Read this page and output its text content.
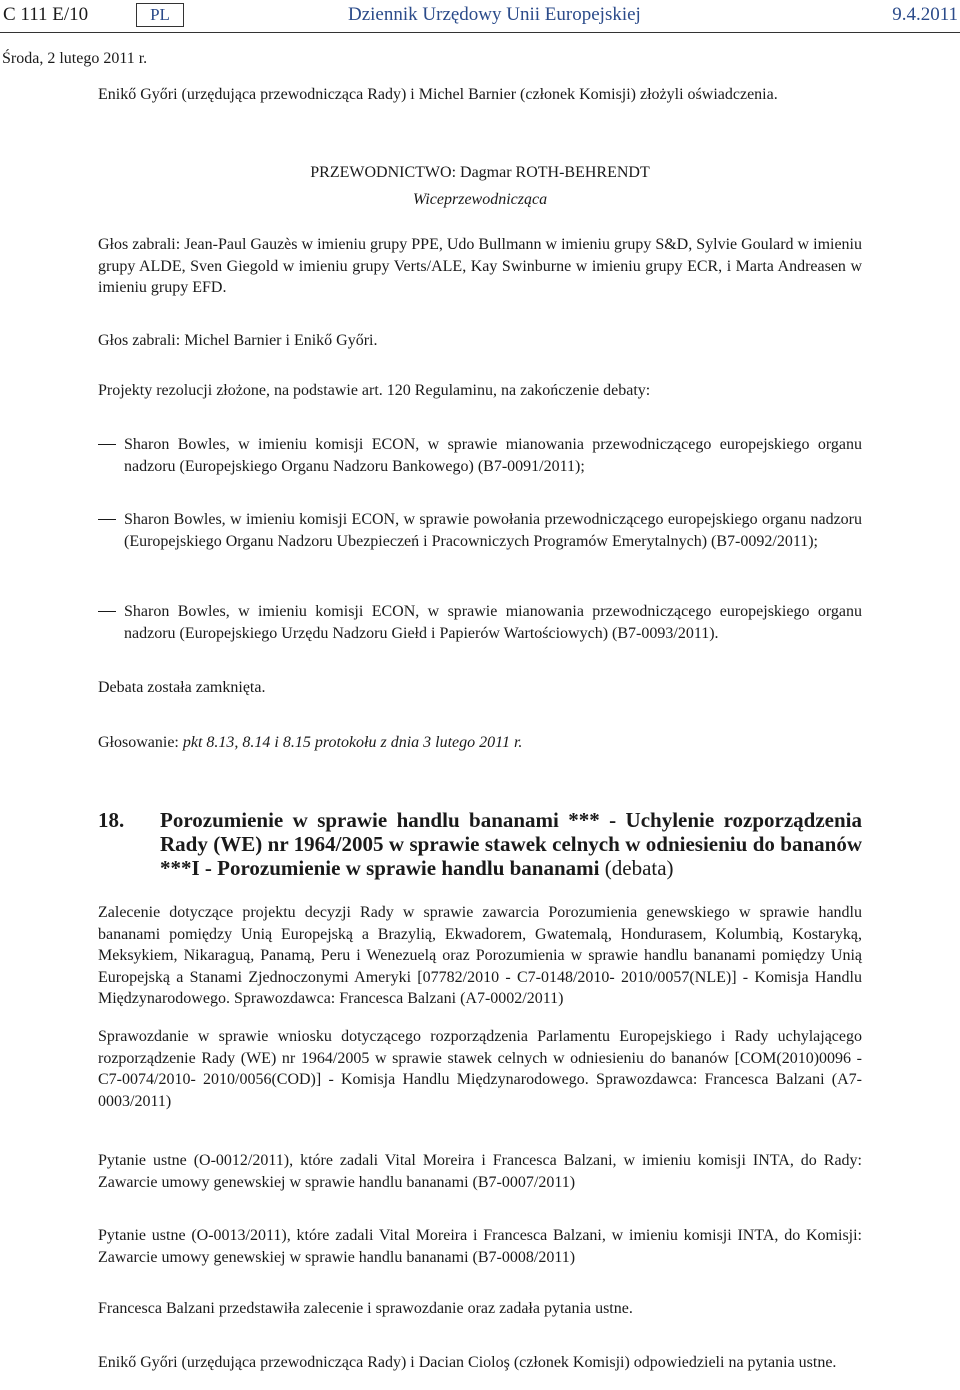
C 111 E/10	PL	Dziennik Urzędowy Unii Europejskiej	9.4.2011
Środa, 2 lutego 2011 r.
Enikő Győri (urzędująca przewodnicząca Rady) i Michel Barnier (członek Komisji) złożyli oświadczenia.
PRZEWODNICTWO: Dagmar ROTH-BEHRENDT
Wiceprzewodnicząca
Głos zabrali: Jean-Paul Gauzès w imieniu grupy PPE, Udo Bullmann w imieniu grupy S&D, Sylvie Goulard w imieniu grupy ALDE, Sven Giegold w imieniu grupy Verts/ALE, Kay Swinburne w imieniu grupy ECR, i Marta Andreasen w imieniu grupy EFD.
Głos zabrali: Michel Barnier i Enikő Győri.
Projekty rezolucji złożone, na podstawie art. 120 Regulaminu, na zakończenie debaty:
Sharon Bowles, w imieniu komisji ECON, w sprawie mianowania przewodniczącego europejskiego organu nadzoru (Europejskiego Organu Nadzoru Bankowego) (B7-0091/2011);
Sharon Bowles, w imieniu komisji ECON, w sprawie powołania przewodniczącego europejskiego organu nadzoru (Europejskiego Organu Nadzoru Ubezpieczeń i Pracowniczych Programów Emerytalnych) (B7-0092/2011);
Sharon Bowles, w imieniu komisji ECON, w sprawie mianowania przewodniczącego europejskiego organu nadzoru (Europejskiego Urzędu Nadzoru Giełd i Papierów Wartościowych) (B7-0093/2011).
Debata została zamknięta.
Głosowanie: pkt 8.13, 8.14 i 8.15 protokołu z dnia 3 lutego 2011 r.
18. Porozumienie w sprawie handlu bananami *** - Uchylenie rozporządzenia Rady (WE) nr 1964/2005 w sprawie stawek celnych w odniesieniu do bananów ***I - Porozumienie w sprawie handlu bananami (debata)
Zalecenie dotyczące projektu decyzji Rady w sprawie zawarcia Porozumienia genewskiego w sprawie handlu bananami pomiędzy Unią Europejską a Brazylią, Ekwadorem, Gwatemalą, Hondurasem, Kolumbią, Kostaryką, Meksykiem, Nikaraguą, Panamą, Peru i Wenezuelą oraz Porozumienia w sprawie handlu bananami pomiędzy Unią Europejską a Stanami Zjednoczonymi Ameryki [07782/2010 - C7-0148/2010- 2010/0057(NLE)] - Komisja Handlu Międzynarodowego. Sprawozdawca: Francesca Balzani (A7-0002/2011)
Sprawozdanie w sprawie wniosku dotyczącego rozporządzenia Parlamentu Europejskiego i Rady uchylającego rozporządzenie Rady (WE) nr 1964/2005 w sprawie stawek celnych w odniesieniu do bananów [COM(2010)0096 - C7-0074/2010- 2010/0056(COD)] - Komisja Handlu Międzynarodowego. Sprawozdawca: Francesca Balzani (A7-0003/2011)
Pytanie ustne (O-0012/2011), które zadali Vital Moreira i Francesca Balzani, w imieniu komisji INTA, do Rady: Zawarcie umowy genewskiej w sprawie handlu bananami (B7-0007/2011)
Pytanie ustne (O-0013/2011), które zadali Vital Moreira i Francesca Balzani, w imieniu komisji INTA, do Komisji: Zawarcie umowy genewskiej w sprawie handlu bananami (B7-0008/2011)
Francesca Balzani przedstawiła zalecenie i sprawozdanie oraz zadała pytania ustne.
Enikő Győri (urzędująca przewodnicząca Rady) i Dacian Cioloş (członek Komisji) odpowiedzieli na pytania ustne.
